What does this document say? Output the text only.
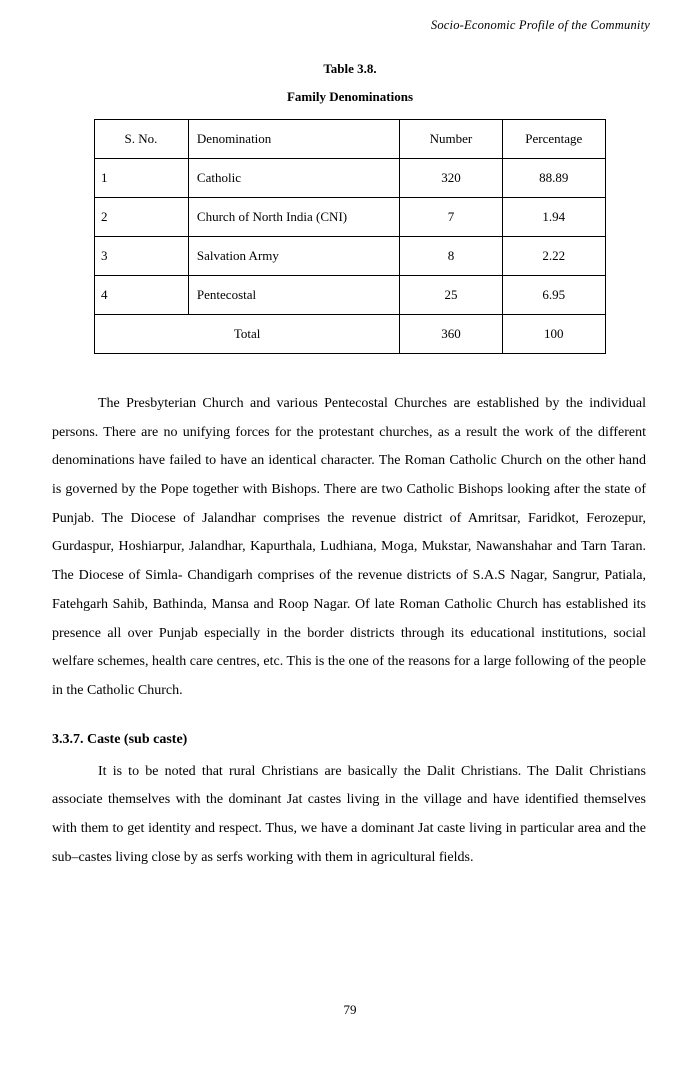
Socio-Economic Profile of the Community
Table 3.8.
Family Denominations
S. No.	Denomination	Number	Percentage
1	Catholic	320	88.89
2	Church of North India (CNI)	7	1.94
3	Salvation Army	8	2.22
4	Pentecostal	25	6.95
Total		360	100

The Presbyterian Church and various Pentecostal Churches are established by the individual persons. There are no unifying forces for the protestant churches, as a result the work of the different denominations have failed to have an identical character. The Roman Catholic Church on the other hand is governed by the Pope together with Bishops. There are two Catholic Bishops looking after the state of Punjab. The Diocese of Jalandhar comprises the revenue district of Amritsar, Faridkot, Ferozepur, Gurdaspur, Hoshiarpur, Jalandhar, Kapurthala, Ludhiana, Moga, Mukstar, Nawanshahar and Tarn Taran. The Diocese of Simla- Chandigarh comprises of the revenue districts of S.A.S Nagar, Sangrur, Patiala, Fatehgarh Sahib, Bathinda, Mansa and Roop Nagar. Of late Roman Catholic Church has established its presence all over Punjab especially in the border districts through its educational institutions, social welfare schemes, health care centres, etc. This is the one of the reasons for a large following of the people in the Catholic Church.

3.3.7. Caste (sub caste)

It is to be noted that rural Christians are basically the Dalit Christians. The Dalit Christians associate themselves with the dominant Jat castes living in the village and have identified themselves with them to get identity and respect. Thus, we have a dominant Jat caste living in particular area and the sub–castes living close by as serfs working with them in agricultural fields.

79
